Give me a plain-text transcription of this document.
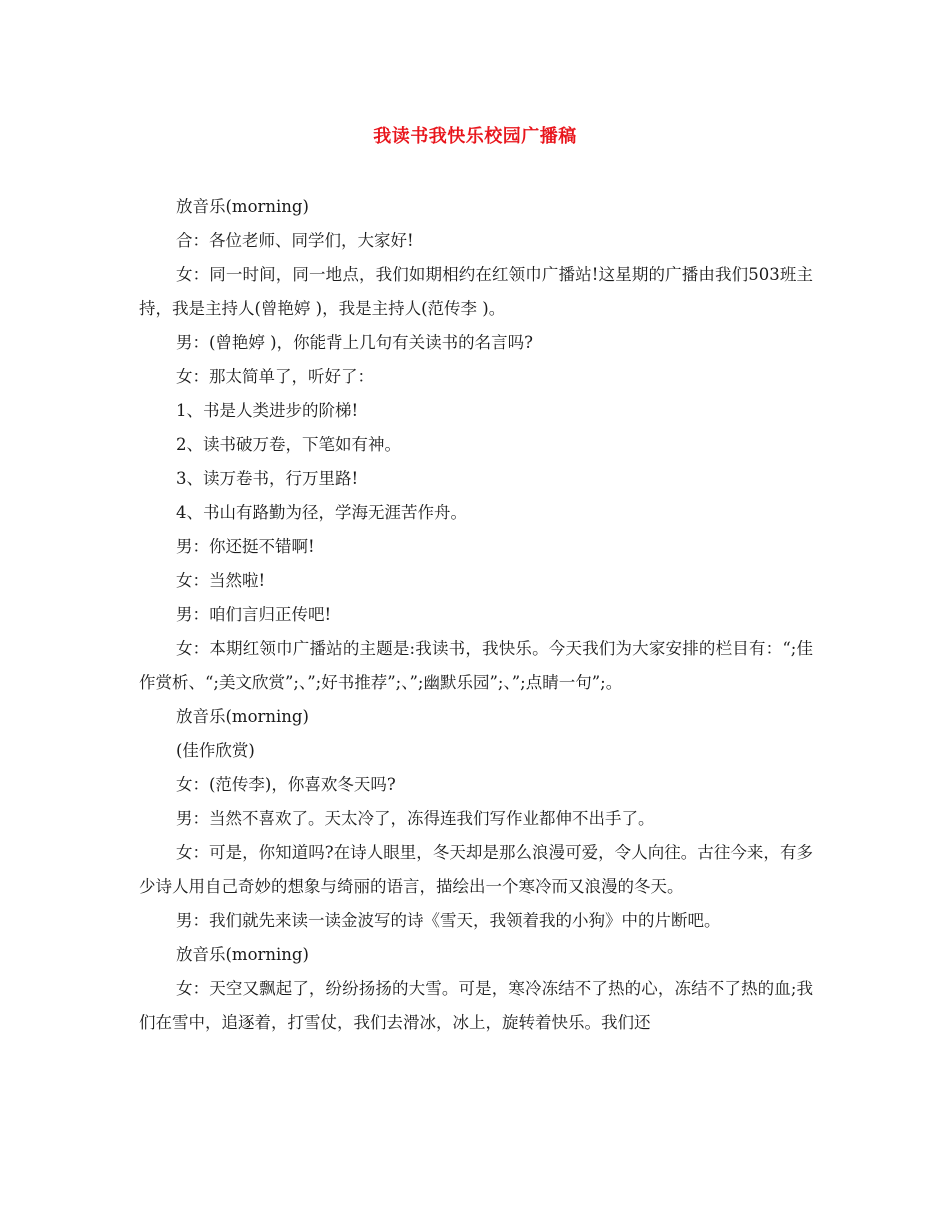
我读书我快乐校园广播稿

放音乐(morning)

合：各位老师、同学们，大家好!

女：同一时间，同一地点，我们如期相约在红领巾广播站!这星期的广播由我们503班主持，我是主持人(曾艳婷 )，我是主持人(范传李 )。

男：(曾艳婷 )，你能背上几句有关读书的名言吗?

女：那太简单了，听好了：

1、书是人类进步的阶梯!

2、读书破万卷，下笔如有神。

3、读万卷书，行万里路!

4、书山有路勤为径，学海无涯苦作舟。

男：你还挺不错啊!

女：当然啦!

男：咱们言归正传吧!

女：本期红领巾广播站的主题是:我读书，我快乐。今天我们为大家安排的栏目有：“;佳作赏析、“;美文欣赏”;、”;好书推荐”;、”;幽默乐园”;、”;点睛一句”;。

放音乐(morning)

(佳作欣赏)

女：(范传李)，你喜欢冬天吗?

男：当然不喜欢了。天太冷了，冻得连我们写作业都伸不出手了。

女：可是，你知道吗?在诗人眼里，冬天却是那么浪漫可爱，令人向往。古往今来，有多少诗人用自己奇妙的想象与绮丽的语言，描绘出一个寒冷而又浪漫的冬天。

男：我们就先来读一读金波写的诗《雪天，我领着我的小狗》中的片断吧。

放音乐(morning)

女：天空又飘起了，纷纷扬扬的大雪。可是，寒冷冻结不了热的心，冻结不了热的血;我们在雪中，追逐着，打雪仗，我们去滑冰，冰上，旋转着快乐。我们还
